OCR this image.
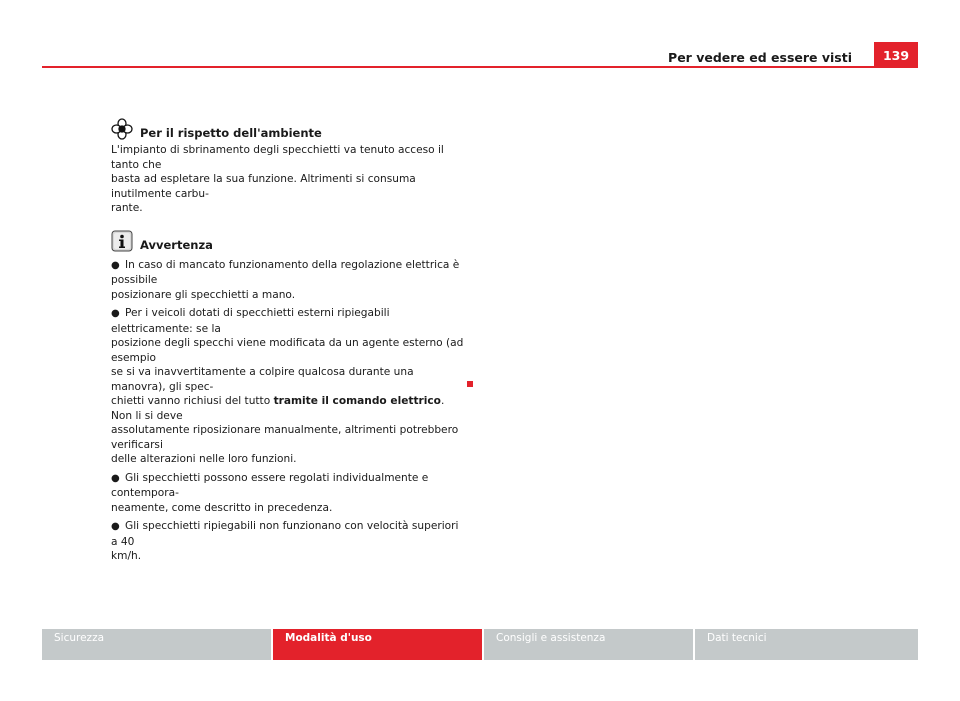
Per vedere ed essere visti	139
Per il rispetto dell'ambiente

L'impianto di sbrinamento degli specchietti va tenuto acceso il tanto che
basta ad espletare la sua funzione. Altrimenti si consuma inutilmente carbu-
rante.

Avvertenza

● In caso di mancato funzionamento della regolazione elettrica è possibile
posizionare gli specchietti a mano.

● Per i veicoli dotati di specchietti esterni ripiegabili elettricamente: se la
posizione degli specchi viene modificata da un agente esterno (ad esempio
se si va inavvertitamente a colpire qualcosa durante una manovra), gli spec-
chietti vanno richiusi del tutto tramite il comando elettrico. Non li si deve
assolutamente riposizionare manualmente, altrimenti potrebbero verificarsi
delle alterazioni nelle loro funzioni.

● Gli specchietti possono essere regolati individualmente e contempora-
neamente, come descritto in precedenza.

● Gli specchietti ripiegabili non funzionano con velocità superiori a 40
km/h.

Sicurezza	Modalità d'uso	Consigli e assistenza	Dati tecnici
